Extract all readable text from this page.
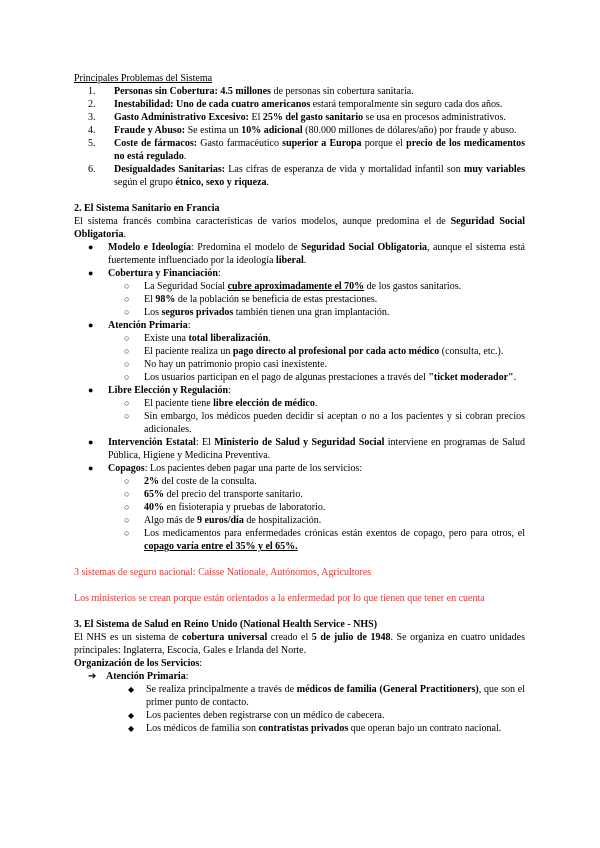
Principales Problemas del Sistema
1. Personas sin Cobertura: 4.5 millones de personas sin cobertura sanitaria.
2. Inestabilidad: Uno de cada cuatro americanos estará temporalmente sin seguro cada dos años.
3. Gasto Administrativo Excesivo: El 25% del gasto sanitario se usa en procesos administrativos.
4. Fraude y Abuso: Se estima un 10% adicional (80.000 millones de dólares/año) por fraude y abuso.
5. Coste de fármacos: Gasto farmacéutico superior a Europa porque el precio de los medicamentos no está regulado.
6. Desigualdades Sanitarias: Las cifras de esperanza de vida y mortalidad infantil son muy variables según el grupo étnico, sexo y riqueza.

2. El Sistema Sanitario en Francia

El sistema francés combina características de varios modelos, aunque predomina el de Seguridad Social Obligatoria.

● Modelo e Ideología: Predomina el modelo de Seguridad Social Obligatoria, aunque el sistema está fuertemente influenciado por la ideología liberal.
● Cobertura y Financiación:
○ La Seguridad Social cubre aproximadamente el 70% de los gastos sanitarios.
○ El 98% de la población se beneficia de estas prestaciones.
○ Los seguros privados también tienen una gran implantación.
● Atención Primaria:
○ Existe una total liberalización.
○ El paciente realiza un pago directo al profesional por cada acto médico (consulta, etc.).
○ No hay un patrimonio propio casi inexistente.
○ Los usuarios participan en el pago de algunas prestaciones a través del "ticket moderador".
● Libre Elección y Regulación:
○ El paciente tiene libre elección de médico.
○ Sin embargo, los médicos pueden decidir si aceptan o no a los pacientes y si cobran precios adicionales.
● Intervención Estatal: El Ministerio de Salud y Seguridad Social interviene en programas de Salud Pública, Higiene y Medicina Preventiva.
● Copagos: Los pacientes deben pagar una parte de los servicios:
○ 2% del coste de la consulta.
○ 65% del precio del transporte sanitario.
○ 40% en fisioterapia y pruebas de laboratorio.
○ Algo más de 9 euros/día de hospitalización.
○ Los medicamentos para enfermedades crónicas están exentos de copago, pero para otros, el copago varía entre el 35% y el 65%.

3 sistemas de seguro nacional: Caisse Nationale, Autónomos, Agricultores

Los ministerios se crean porque están orientados a la enfermedad por lo que tienen que tener en cuenta

3. El Sistema de Salud en Reino Unido (National Health Service - NHS)

El NHS es un sistema de cobertura universal creado el 5 de julio de 1948. Se organiza en cuatro unidades principales: Inglaterra, Escocia, Gales e Irlanda del Norte.

Organización de los Servicios:

➔ Atención Primaria:
◆ Se realiza principalmente a través de médicos de familia (General Practitioners), que son el primer punto de contacto.
◆ Los pacientes deben registrarse con un médico de cabecera.
◆ Los médicos de familia son contratistas privados que operan bajo un contrato nacional.
